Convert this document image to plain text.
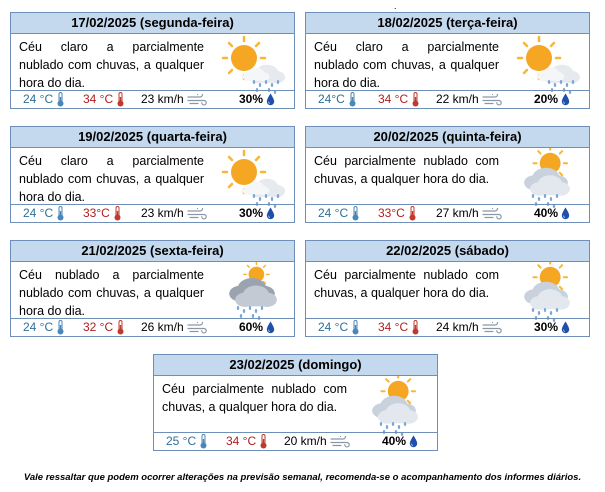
.
17/02/2025 (segunda-feira)
Céu claro a parcialmente nublado com chuvas, a qualquer hora do dia.
24 °C	34 °C	23 km/h	30%
18/02/2025 (terça-feira)
Céu claro a parcialmente nublado com chuvas, a qualquer hora do dia.
24°C	34 °C	22 km/h	20%
19/02/2025 (quarta-feira)
Céu claro a parcialmente nublado com chuvas, a qualquer hora do dia.
24 °C	33°C	23 km/h	30%
20/02/2025 (quinta-feira)
Céu parcialmente nublado com chuvas, a qualquer hora do dia.
24 °C	33°C	27 km/h	40%
21/02/2025 (sexta-feira)
Céu nublado a parcialmente nublado com chuvas, a qualquer hora do dia.
24 °C	32 °C	26 km/h	60%
22/02/2025 (sábado)
Céu parcialmente nublado com chuvas, a qualquer hora do dia.
24 °C	34 °C	24 km/h	30%
23/02/2025 (domingo)
Céu parcialmente nublado com chuvas, a qualquer hora do dia.
25 °C	34 °C	20 km/h	40%
Vale ressaltar que podem ocorrer alterações na previsão semanal, recomenda-se o acompanhamento dos informes diários.
